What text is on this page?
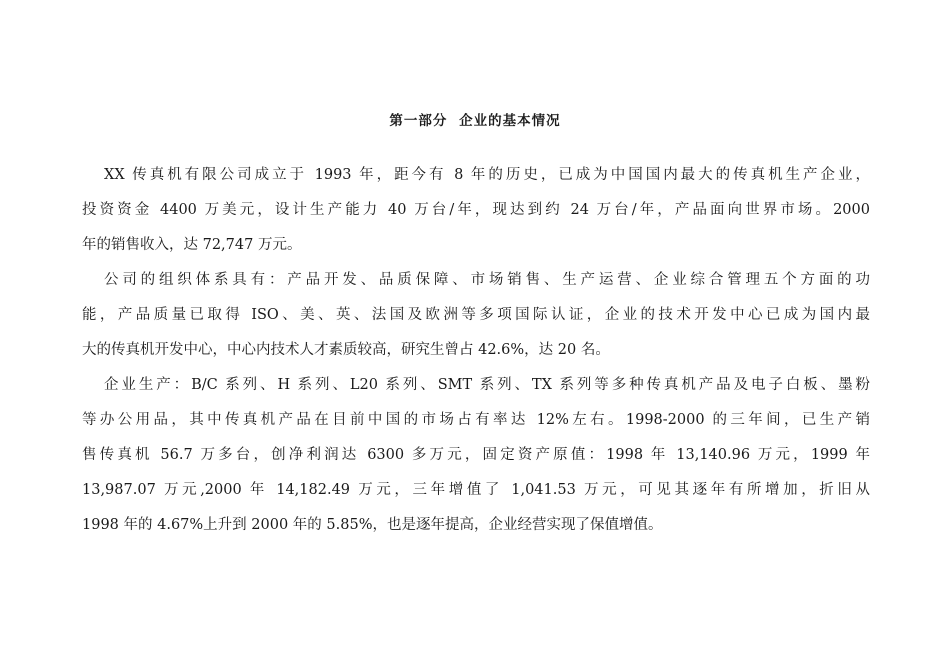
第一部分 企业的基本情况
XX 传真机有限公司成立于 1993 年，距今有 8 年的历史，已成为中国国内最大的传真机生产企业，
投资资金 4400 万美元，设计生产能力 40 万台/年，现达到约 24 万台/年，产品面向世界市场。2000
年的销售收入，达 72,747 万元。
公司的组织体系具有：产品开发、品质保障、市场销售、生产运营、企业综合管理五个方面的功
能，产品质量已取得 ISO、美、英、法国及欧洲等多项国际认证，企业的技术开发中心已成为国内最
大的传真机开发中心，中心内技术人才素质较高，研究生曾占 42.6%，达 20 名。
企业生产：B/C 系列、H 系列、L20 系列、SMT 系列、TX 系列等多种传真机产品及电子白板、墨粉
等办公用品，其中传真机产品在目前中国的市场占有率达 12%左右。1998-2000 的三年间，已生产销
售传真机 56.7 万多台，创净利润达 6300 多万元，固定资产原值：1998 年 13,140.96 万元，1999 年
13,987.07 万元,2000 年 14,182.49 万元，三年增值了 1,041.53 万元，可见其逐年有所增加，折旧从
1998 年的 4.67%上升到 2000 年的 5.85%，也是逐年提高，企业经营实现了保值增值。
